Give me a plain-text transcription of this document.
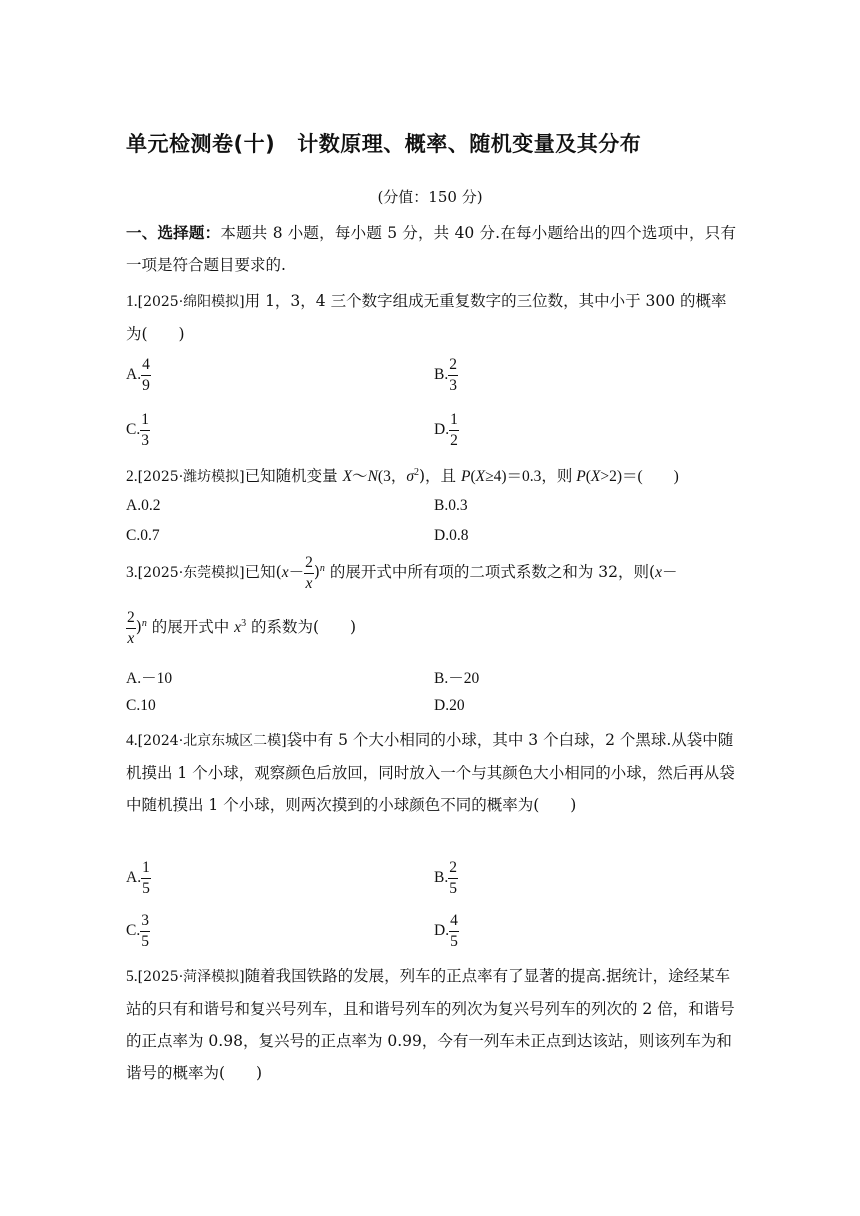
单元检测卷(十) 计数原理、概率、随机变量及其分布
(分值：150 分)
一、选择题：本题共 8 小题，每小题 5 分，共 40 分.在每小题给出的四个选项中，只有一项是符合题目要求的.
1.[2025·绵阳模拟]用 1，3，4 三个数字组成无重复数字的三位数，其中小于 300 的概率为(　　)
A. $\frac{4}{9}$	B. $\frac{2}{3}$
C. $\frac{1}{3}$	D. $\frac{1}{2}$
2.[2025·潍坊模拟]已知随机变量 X～N(3，$\sigma^2$)，且 P(X≥4)＝0.3，则 P(X>2)＝(　　)
A.0.2	B.0.3
C.0.7	D.0.8
3.[2025·东莞模拟]已知$(x- \frac{2}{x} )^n$ 的展开式中所有项的二项式系数之和为 32，则(x－
$\frac{2}{x} )^n$ 的展开式中 $x^3$ 的系数为(　　)
A.－10	B.－20
C.10	D.20
4.[2024·北京东城区二模]袋中有 5 个大小相同的小球，其中 3 个白球，2 个黑球.从袋中随机摸出 1 个小球，观察颜色后放回，同时放入一个与其颜色大小相同的小球，然后再从袋中随机摸出 1 个小球，则两次摸到的小球颜色不同的概率为(　　)
A. $\frac{1}{5}$	B. $\frac{2}{5}$
C. $\frac{3}{5}$	D. $\frac{4}{5}$
5.[2025·菏泽模拟]随着我国铁路的发展，列车的正点率有了显著的提高.据统计，途经某车站的只有和谐号和复兴号列车，且和谐号列车的列次为复兴号列车的列次的 2 倍，和谐号的正点率为 0.98，复兴号的正点率为 0.99，今有一列车未正点到达该站，则该列车为和谐号的概率为(　　)
